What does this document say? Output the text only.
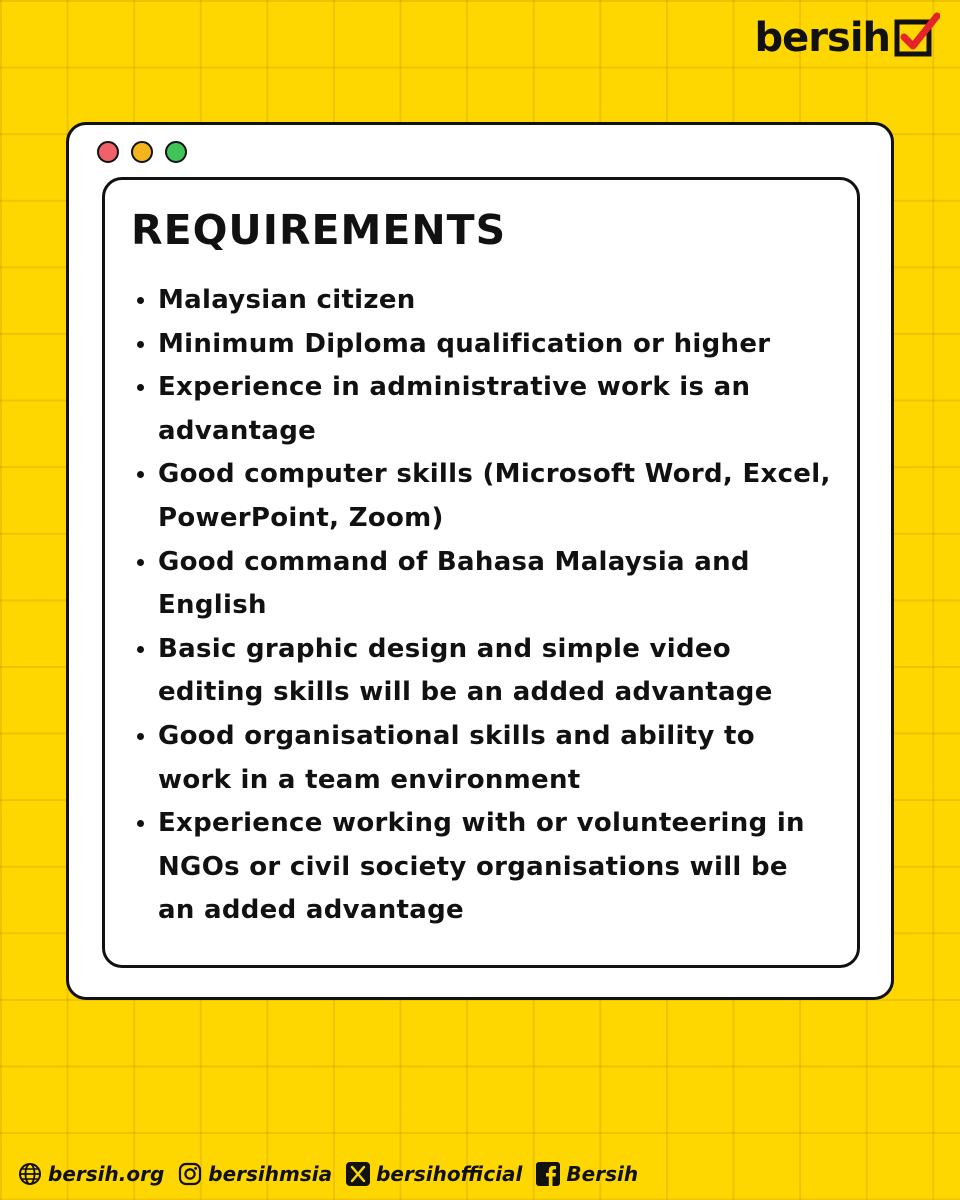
bersih
REQUIREMENTS
Malaysian citizen
Minimum Diploma qualification or higher
Experience in administrative work is an advantage
Good computer skills (Microsoft Word, Excel, PowerPoint, Zoom)
Good command of Bahasa Malaysia and English
Basic graphic design and simple video editing skills will be an added advantage
Good organisational skills and ability to work in a team environment
Experience working with or volunteering in NGOs or civil society organisations will be an added advantage
bersih.org bersihmsia bersihofficial Bersih
